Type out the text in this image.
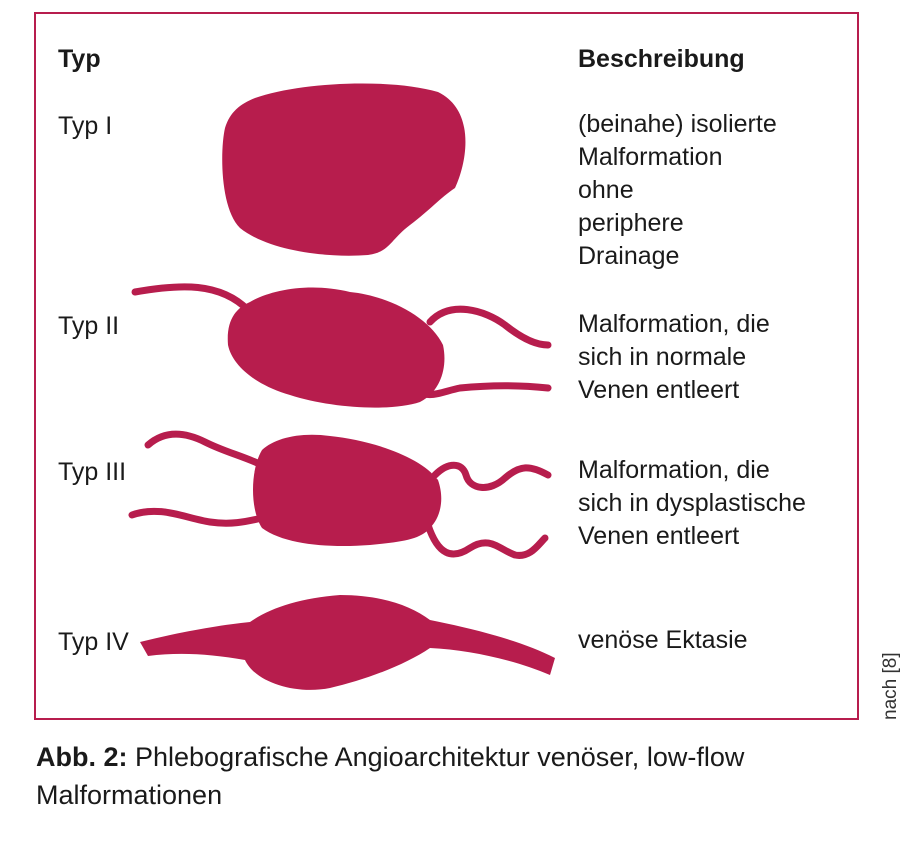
Typ	Beschreibung
Typ I
Typ II
Typ III
Typ IV
(beinahe) isolierte
Malformation
ohne
periphere
Drainage
Malformation, die
sich in normale
Venen entleert
Malformation, die
sich in dysplastische
Venen entleert
venöse Ektasie
nach [8]
Abb. 2: Phlebografische Angioarchitektur venöser, low-flow Malformationen
